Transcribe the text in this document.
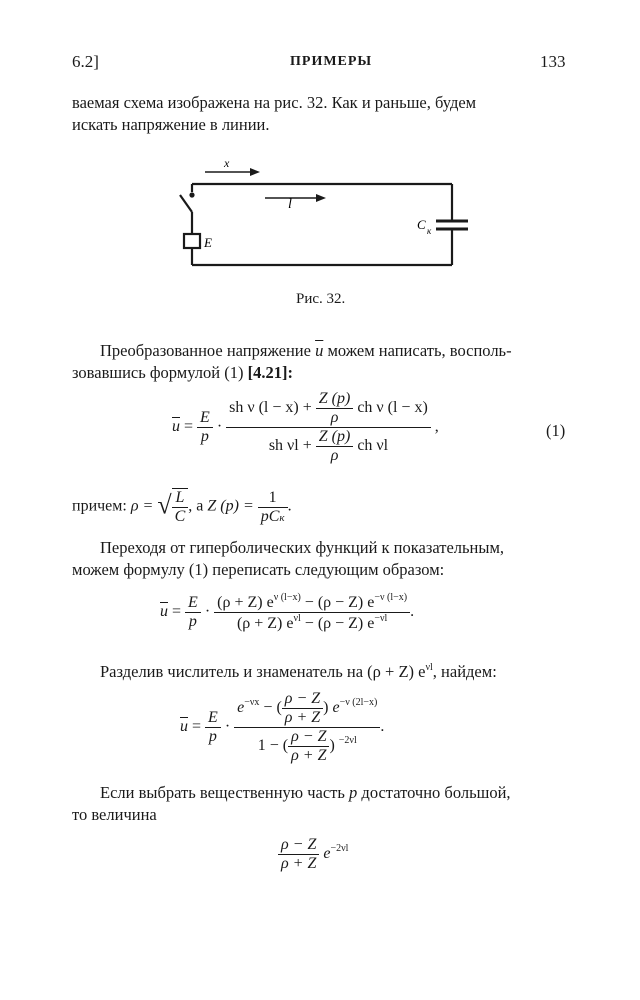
6.2]	ПРИМЕРЫ	133
ваемая схема изображена на рис. 32. Как и раньше, будем
искать напряжение в линии.
x
l
E
C к
Рис. 32.
Преобразованное напряжение $\overline{u}$ можем написать, восполь-
зовавшись формулой (1) [4.21]:
$\overline{u} = \frac{E}{p} \cdot \frac{sh \nu (l - x) + \frac{Z (p)}{\rho} ch \nu (l - x)}{sh \nu l + \frac{Z (p)}{\rho} ch \nu l}$ ,	(1)
причем: ρ = √ $\frac{L}{C}$ , а Z $(p) = \frac{1}{\text{pCк}}$ .
Переходя от гиперболических функций к показательным,
можем формулу (1) переписать следующим образом:
$\overline{u} = \frac{E}{p} \cdot \frac{(\rho + Z) e^{\nu (l-x)} - (\rho - Z) e^{-\nu (l-x)}}{(\rho + Z) e^{\nu l} - (\rho - Z) e^{-\nu l}}$ .
Разделив числитель и знаменатель на (ρ + Z) $e^{\nu l}$, найдем:
$\overline{u} = \frac{E}{p} \cdot \frac{e^{-\nu x} - ( \frac{\rho - Z}{\rho + Z} ) e^{-\nu (2l-x)}}{1 - ( \frac{\rho - Z}{\rho + Z} ) ^{-2\nu l}}$ .
Если выбрать вещественную часть p достаточно большой,
то величина
$\frac{\rho - Z}{\rho + Z} e^{-2\nu l}$
